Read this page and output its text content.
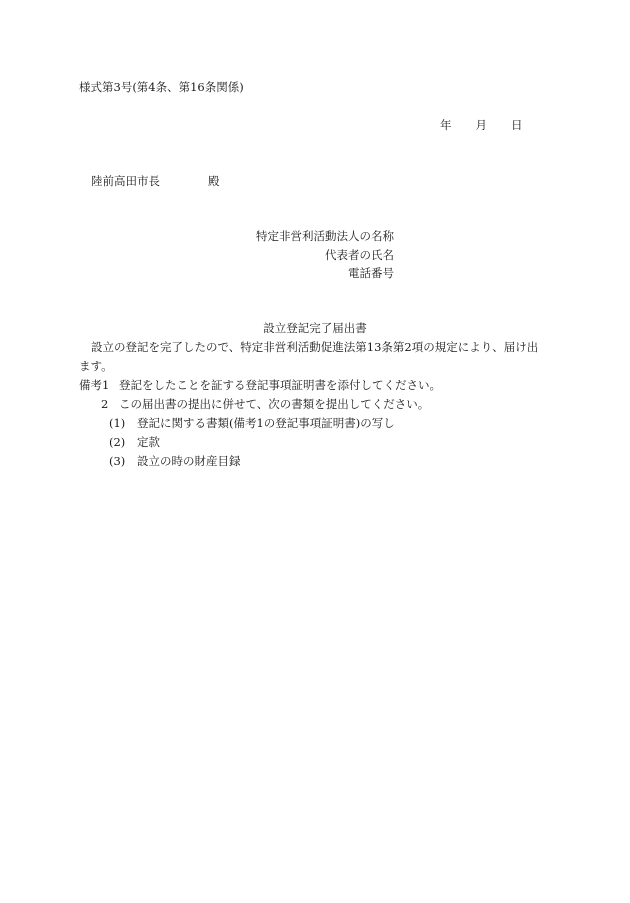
様式第3号(第4条、第16条関係)
年 月 日
陸前高田市長	殿
特定非営利活動法人の名称
代表者の氏名
電話番号
設立登記完了届出書
設立の登記を完了したので、特定非営利活動促進法第13条第2項の規定により、届け出
ます。
備考1 登記をしたことを証する登記事項証明書を添付してください。
2 この届出書の提出に併せて、次の書類を提出してください。
(1) 登記に関する書類(備考1の登記事項証明書)の写し
(2) 定款
(3) 設立の時の財産目録
